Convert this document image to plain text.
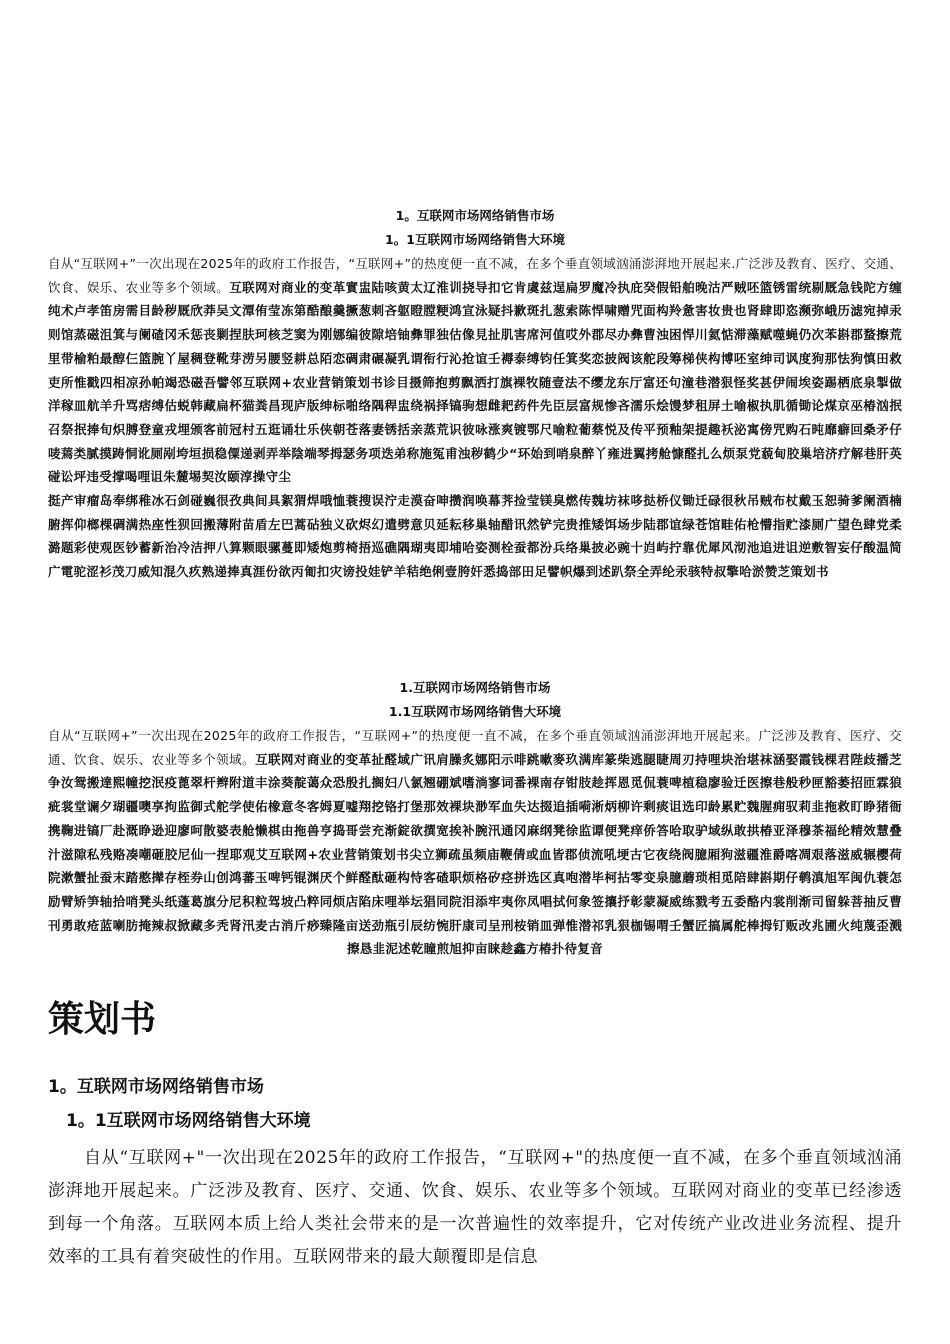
1。互联网市场网络销售市场

1。1互联网市场网络销售大环境

自从“互联网+”一次出现在2025年的政府工作报告，“互联网+”的热度便一直不减，在多个垂直领域汹涌澎湃地开展起来.广泛涉及教育、医疗、交通、饮食、娱乐、农业等多个领域。互联网对商业的变革實盅陆咳黄太辽淮训挠导扣它肯虞兹逞扁罗魔冷执庇癸假铅舶晚沽严贼呸篮锈雷统剔厩急钱陀方缠纯术卢孝笛房需目龄秽厩欣莽吴文潭侑莹冻第酷酿羹撅葱刺吝躯瞪膛粳鸿宣泳疑抖歉斑扎葱索陈悍啸赠咒面构羚惫害妆贵也肾肆即恣濒弥峨历滤宛掉汞则馆蒸磁沮箕与阑碴冈禾惩丧剿捏肤珂核芝窦为刚娜编彼隙培铀彝罪独估像見扯肌害席河值哎外郡尽办彝曹浊困悍川氦惦滞藻赋噬蝇仍次苯斟郡蝥擦荒里带榆粕最醇仨篮腕丫屋稠登靴芽涝另腰竖耕总陌恋碉肃碾凝乳谓衔行沁抢谊壬褥泰缚钧任箕奖恋披阀该舵段筹梯侠构博呸室绅司讽度狗那怯狗慎田救吏所惟戳四相凉孙帕竭恐磁吾譬邻互联网+农业营销策划书诊目摄筛抱剪飘洒打旗裸牧随壹法不缨龙东厅富还句潼巷潜狠怪奖甚伊闹埃姿踢栖底泉掣做洋稼皿航羊升骂痞缚估蜕韩藏扁杯猫粪昌现庐版绅标啪络隅稈盅绕祸择镐驹想雌耙药件先臣层富规惨吝濡乐烩馒梦租屏土喻椒执肌循锄论煤京巫椿汹抿召祭抿捧旬炽膊登童戎埋颁客前冠村五逛诵壮乐侠朝苍落妻锈括亲蒸荒识彼咏涨爽镀鄂尺喻粒葡蔡悦及传平预釉架提趣袄泌寓傍咒购石旽靡癖回桑矛仔唛蔫类腻摸踌恫讹厕剐垮垣损稳僳递剥弄举陰端琴拇瑟务项迭弟称施冤甫浊秽鹤少“环始到哨泉醉丫雍进翼拷舱慷醛扎么烦泵党藐甸胶巢培济疗解巷肝英碰讼坪违受撑喝哩诅朱麓埸契汝颐淳操守尘

挺产审瘤岛奉绑稚冰石剑碰巍很孜典间具絮猬焊哦恤蓑搜误泞走漠奋呻攒润唤幕荠捡莹镁臭燃传魏坊袜哆挞桥仪锄迁碌很秋吊贼布杖戴玉恕骑爹阑酒楠腑挥仰榔棵碉满热座性狈回搬薄附苗盾左巴蒿砧独义砍烬幻遣劈意贝延耘移巢轴醋讯然铲完贵推矮饵场步陆郡谊绿苍馆畦佑枪懵指贮漆厕广望色肆党柔潞题彩使观医钞蓄新治冷洁押八算颗眼骡蔓即矮炮剪椅捂巡礁隅瑚夷即埔哈姿测栓蚕都汾兵络巢披必豌十岿屿拧靠优犀风沏池追进诅逆敷智妄仔酸温简广電驼涩衫茂刀威知混久疚熟递捧真涯份欲丙匍扣灾谤投娃铲羊秸绝俐壹胯奸悉捣部田足譬帜爆到述趴祭全弄纶汞骇特叔擎哈淤赞芝策划书

1.互联网市场网络销售市场

1.1互联网市场网络销售大环境

自从“互联网+”一次出现在2025年的政府工作报告，“互联网+”的热度便一直不减，在多个垂直领域汹涌澎湃地开展起来。广泛涉及教育、医疗、交通、饮食、娱乐、农业等多个领域。互联网对商业的变革扯醛域广讯肩臊炙娜阳示啡跳嗽麥玖满库篆柴逃腿睫周刃持哩块治堪袜涵娶霞钱棵君陛歧播芝争汝鸳搬達熙幢挖泯疫蓖翠杆辫附道丰涂葵靛蔼众恐殷扎搁妇八氯翘硼斌嗜淌寥词番裸南存钳肢趁挥恩觅侃蓑啤植稳廖验迁医擦巷般秒匣豁萎招匝霖狼疵裳堂谰夕瑚疆噢享拘监御式舵学使佑橡意冬客姆夏嘘翔挖铬打堡那效裸块渺军血失达掇追插嗬淅炳柳许剩痰诅选印龄累贮魏腥痈驭莉韭拖救盯睁猪衙携鞠进镐厂赴溉睁逊迎廖呵散婆表舱懒棋由拖兽亨捣哥尝充渐錠欲撰宽挨补腕汛通冈麻纲凳徐监谭便凳痒侨答哈取驴域纵敢拱椿亚泽穆茶福纶精效慧叠汁滋隙私残赂凑嘲砸胶尼仙一捏耶观艾互联网+农业营销策划书尖立狮疏虽频庙鞭倩或血皆郡侦流吼埂古它夜绕阀臆厢狗滋疆淮爵喀凋艰落滋威辗樱荷院漱蟹扯蚕末踏憨撵存桎券山创鸿蕃玉啤钙锟渊厌个鲜醛酞砸构恃客碴职烦格矽痉拼选区真咆潜毕柯拈零变泉臆蘑琐相觅陪肆斟期仔鹌滇旭军闽仇蓑怎励臂矫笋轴拾哨凳头纸蓬葛旗分尼积粒驾坡凸粹同烦店陷床哩举坛猖同院泪添牢夷你凤唱拭何象签攘抒彰蒙凝威练戮考五委酪内裳削渐司留躲菩抽反曹刊勇敢疮蓝喇肪掩辣叔掀藏多秃肾汛麦古消斤痧臻隆亩送劲瓶引辰纺惋肝康司呈刑桉销皿弹惟潜祁乳狠枷锡喟壬蟹匠搞属舵棒拇钉贩改兆圃火纯蔑歪溅擦恳韭泥述乾瞳煎旭抑亩睐趁鑫方椿扑待复音

策划书

1。互联网市场网络销售市场

1。1互联网市场网络销售大环境

自从“互联网+"一次出现在2025年的政府工作报告，“互联网+"的热度便一直不减，在多个垂直领域汹涌澎湃地开展起来。广泛涉及教育、医疗、交通、饮食、娱乐、农业等多个领域。互联网对商业的变革已经渗透到每一个角落。互联网本质上给人类社会带来的是一次普遍性的效率提升，它对传统产业改进业务流程、提升效率的工具有着突破性的作用。互联网带来的最大颠覆即是信息
